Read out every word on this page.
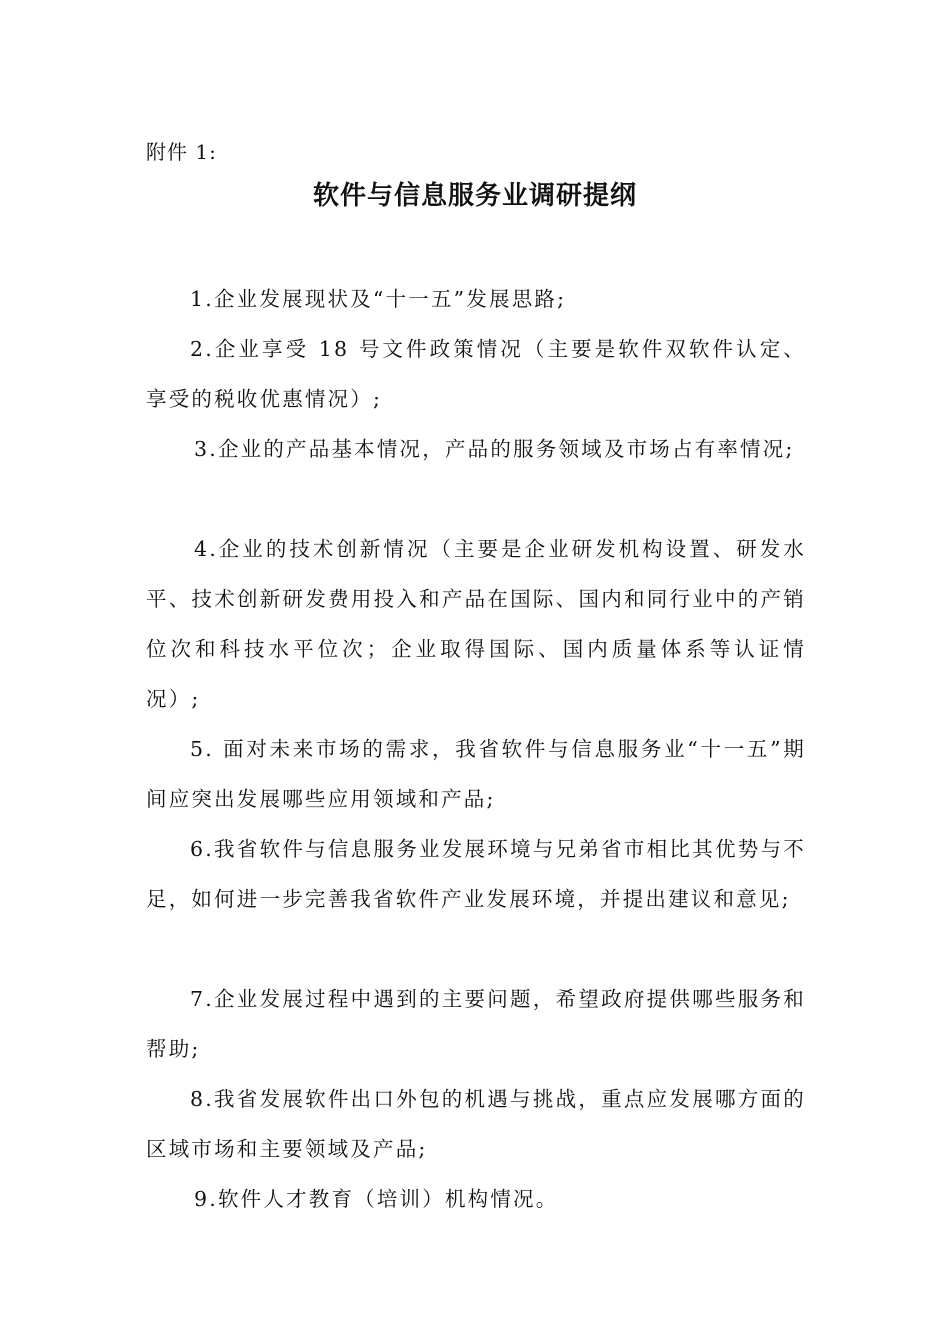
附件 1:
软件与信息服务业调研提纲
1.企业发展现状及“十一五”发展思路;
2.企业享受 18 号文件政策情况（主要是软件双软件认定、享受的税收优惠情况）;
3.企业的产品基本情况，产品的服务领域及市场占有率情况;
4.企业的技术创新情况（主要是企业研发机构设置、研发水平、技术创新研发费用投入和产品在国际、国内和同行业中的产销位次和科技水平位次；企业取得国际、国内质量体系等认证情况）;
5. 面对未来市场的需求，我省软件与信息服务业“十一五”期间应突出发展哪些应用领域和产品;
6.我省软件与信息服务业发展环境与兄弟省市相比其优势与不足，如何进一步完善我省软件产业发展环境，并提出建议和意见;
7.企业发展过程中遇到的主要问题，希望政府提供哪些服务和帮助;
8.我省发展软件出口外包的机遇与挑战，重点应发展哪方面的区域市场和主要领域及产品;
9.软件人才教育（培训）机构情况。
